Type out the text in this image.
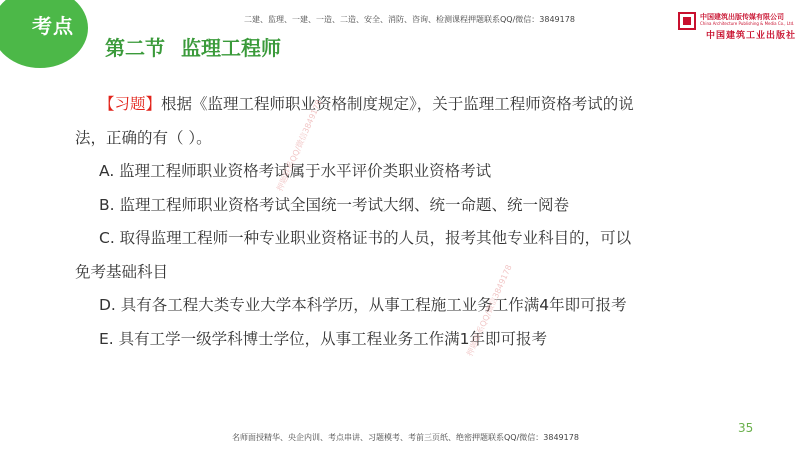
考点
第二节 监理工程师
二建、监理、一建、一造、二造、安全、消防、咨询、检测课程押题联系QQ/微信：3849178	中国建筑出版传媒有限公司
China Architecture Publishing & Media Co., Ltd.
中国建筑工业出版社

【习题】根据《监理工程师职业资格制度规定》，关于监理工程师资格考试的说

法，正确的有（ ）。

A. 监理工程师职业资格考试属于水平评价类职业资格考试

B. 监理工程师职业资格考试全国统一考试大纲、统一命题、统一阅卷

C. 取得监理工程师一种专业职业资格证书的人员，报考其他专业科目的，可以

免考基础科目

D. 具有各工程大类专业大学本科学历，从事工程施工业务工作满4年即可报考

E. 具有工学一级学科博士学位，从事工程业务工作满1年即可报考

押题联系QQ/微信3849178
押题联系QQ/微信3849178
35
名师面授精华、央企内训、考点串讲、习题模考、考前三页纸、绝密押题联系QQ/微信：3849178
